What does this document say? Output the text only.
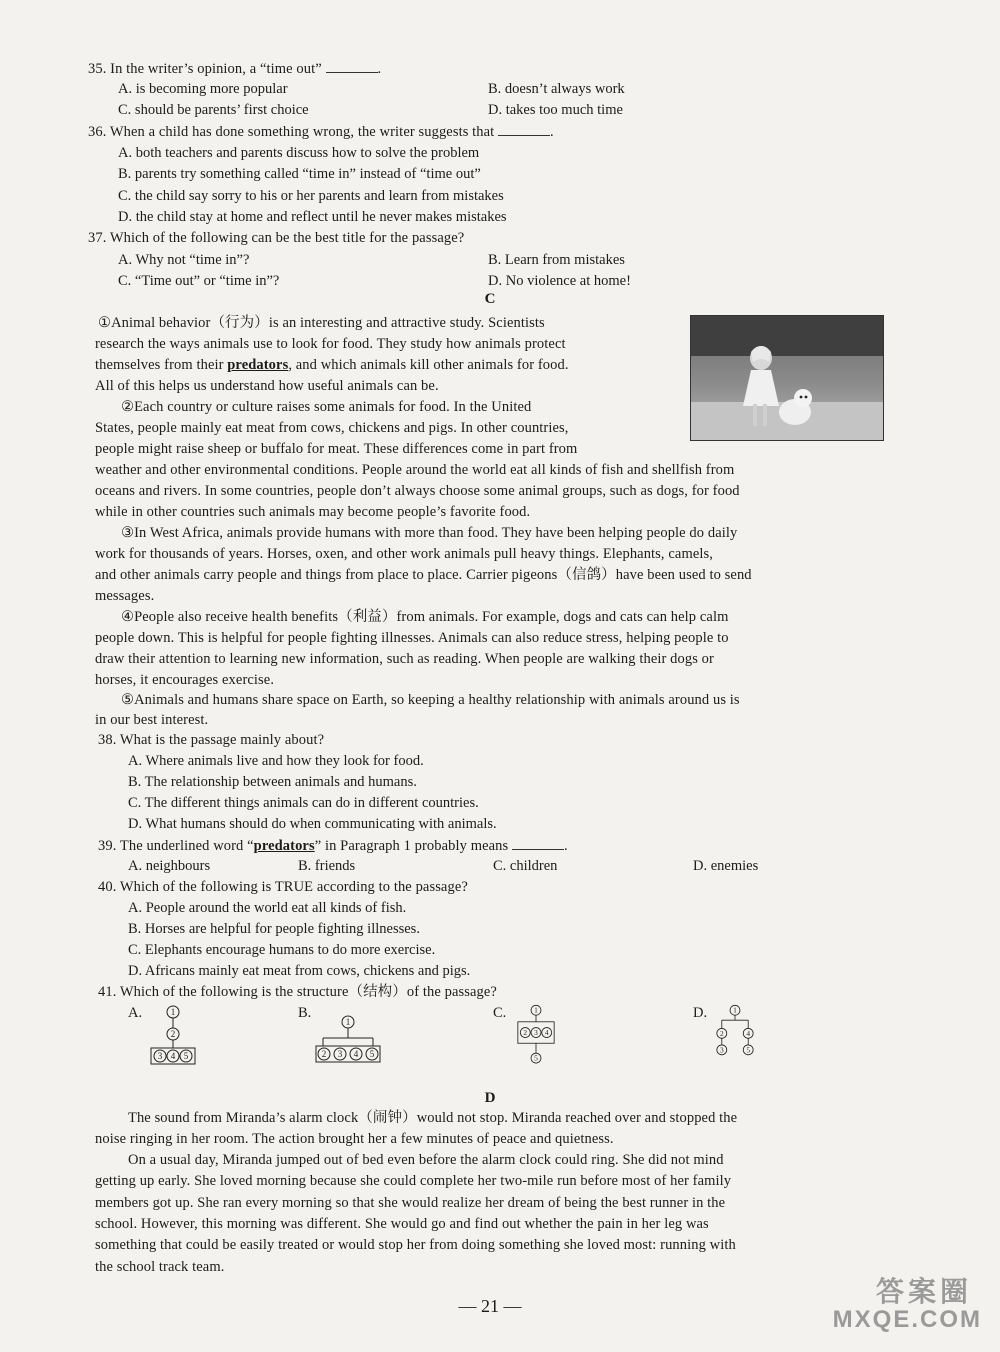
35. In the writer’s opinion, a “time out”	.
A. is becoming more popular	B. doesn’t always work
C. should be parents’ first choice	D. takes too much time
36. When a child has done something wrong, the writer suggests that	.
A. both teachers and parents discuss how to solve the problem
B. parents try something called “time in” instead of “time out”
C. the child say sorry to his or her parents and learn from mistakes
D. the child stay at home and reflect until he never makes mistakes
37. Which of the following can be the best title for the passage?
A. Why not “time in”?	B. Learn from mistakes
C. “Time out” or “time in”?	D. No violence at home!
C
①Animal behavior（行为）is an interesting and attractive study. Scientists
research the ways animals use to look for food. They study how animals protect
themselves from their predators, and which animals kill other animals for food.
All of this helps us understand how useful animals can be.
②Each country or culture raises some animals for food. In the United
States, people mainly eat meat from cows, chickens and pigs. In other countries,
people might raise sheep or buffalo for meat. These differences come in part from
weather and other environmental conditions. People around the world eat all kinds of fish and shellfish from
oceans and rivers. In some countries, people don’t always choose some animal groups, such as dogs, for food
while in other countries such animals may become people’s favorite food.
③In West Africa, animals provide humans with more than food. They have been helping people do daily
work for thousands of years. Horses, oxen, and other work animals pull heavy things. Elephants, camels,
and other animals carry people and things from place to place. Carrier pigeons（信鸽）have been used to send
messages.
④People also receive health benefits（利益）from animals. For example, dogs and cats can help calm
people down. This is helpful for people fighting illnesses. Animals can also reduce stress, helping people to
draw their attention to learning new information, such as reading. When people are walking their dogs or
horses, it encourages exercise.
⑤Animals and humans share space on Earth, so keeping a healthy relationship with animals around us is
in our best interest.
38. What is the passage mainly about?
A. Where animals live and how they look for food.
B. The relationship between animals and humans.
C. The different things animals can do in different countries.
D. What humans should do when communicating with animals.
39. The underlined word “predators” in Paragraph 1 probably means	.
A. neighbours	B. friends	C. children	D. enemies
40. Which of the following is TRUE according to the passage?
A. People around the world eat all kinds of fish.
B. Horses are helpful for people fighting illnesses.
C. Elephants encourage humans to do more exercise.
D. Africans mainly eat meat from cows, chickens and pigs.
41. Which of the following is the structure（结构）of the passage?
A.	B.	C.	D.
1
2
3 4 5
1
2 3 4 5
1
2 3 4
5
1
2	4
3	5
D
The sound from Miranda’s alarm clock（闹钟）would not stop. Miranda reached over and stopped the
noise ringing in her room. The action brought her a few minutes of peace and quietness.
On a usual day, Miranda jumped out of bed even before the alarm clock could ring. She did not mind
getting up early. She loved morning because she could complete her two-mile run before most of her family
members got up. She ran every morning so that she would realize her dream of being the best runner in the
school. However, this morning was different. She would go and find out whether the pain in her leg was
something that could be easily treated or would stop her from doing something she loved most: running with
the school track team.
— 21 —	答案圈
MXQE.COM
